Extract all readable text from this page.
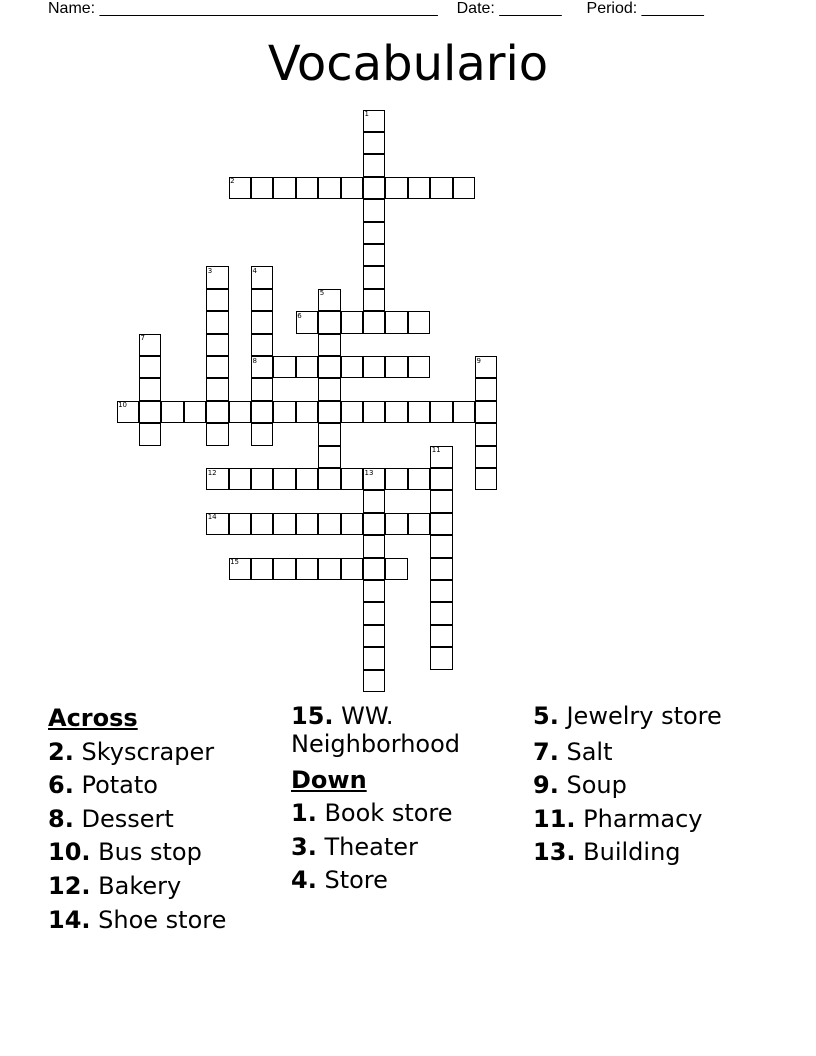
Name: ______________________________________ Date: _______ Period: _______
Vocabulario
1
2
3	4
8
5
6
7
9
10
11
12	13
14
15
Across
2. Skyscraper
6. Potato
8. Dessert
10. Bus stop
12. Bakery
14. Shoe store
15. WW. Neighborhood
Down
1. Book store
3. Theater
4. Store
5. Jewelry store
7. Salt
9. Soup
11. Pharmacy
13. Building
